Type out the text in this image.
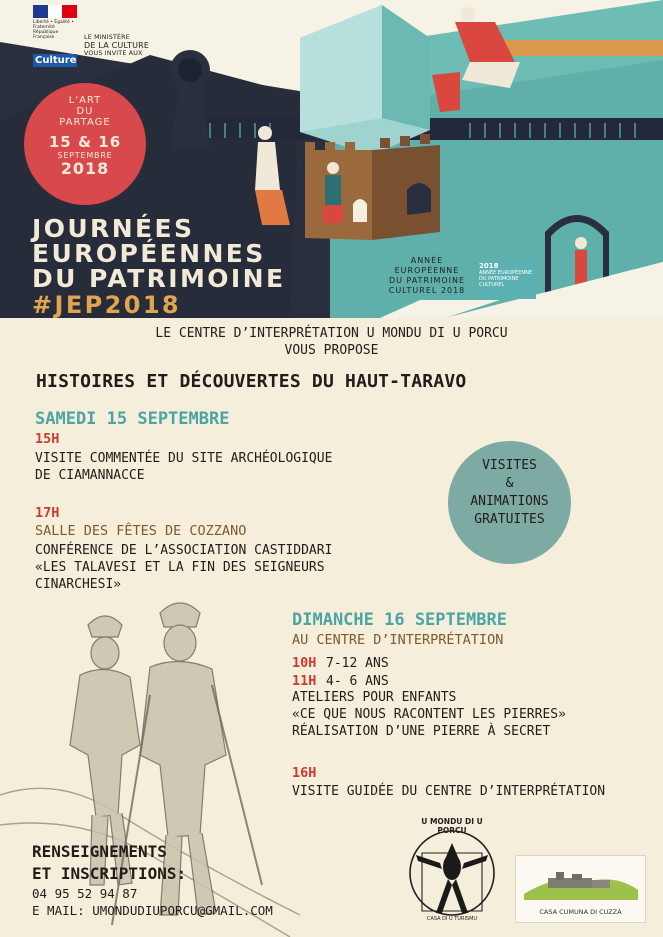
Liberté • Égalité • Fraternité
République Française
Culture
LE MINISTÈRE
DE LA CULTURE
VOUS INVITE AUX
L'ART
DU
PARTAGE
15 & 16
SEPTEMBRE
2018
JOURNÉES
EUROPÉENNES
DU PATRIMOINE
#JEP2018
ANNÉE
EUROPÉENNE
DU PATRIMOINE
CULTUREL 2018
2018
ANNÉE EUROPÉENNE
DU PATRIMOINE
CULTUREL
LE CENTRE D’INTERPRÉTATION U MONDU DI U PORCU
VOUS PROPOSE
HISTOIRES ET DÉCOUVERTES DU HAUT-TARAVO
SAMEDI 15 SEPTEMBRE
15H
VISITE COMMENTÉE DU SITE ARCHÉOLOGIQUE
DE CIAMANNACCE
17H
SALLE DES FÊTES DE COZZANO
CONFÉRENCE DE L’ASSOCIATION CASTIDDARI
«LES TALAVESI ET LA FIN DES SEIGNEURS
CINARCHESI»
VISITES
&
ANIMATIONS
GRATUITES
DIMANCHE 16 SEPTEMBRE
AU CENTRE D’INTERPRÉTATION
10H 7-12 ANS
11H 4- 6 ANS
ATELIERS POUR ENFANTS
«CE QUE NOUS RACONTENT LES PIERRES»
RÉALISATION D’UNE PIERRE À SECRET
16H
VISITE GUIDÉE DU CENTRE D’INTERPRÉTATION
RENSEIGNEMENTS
ET INSCRIPTIONS:
04 95 52 94 87
E MAIL: UMONDUDIUPORCU@GMAIL.COM
U MONDU DI U PORCU
CASA DI U TURISMU
CASA CUMUNA DI CUZZÀ
